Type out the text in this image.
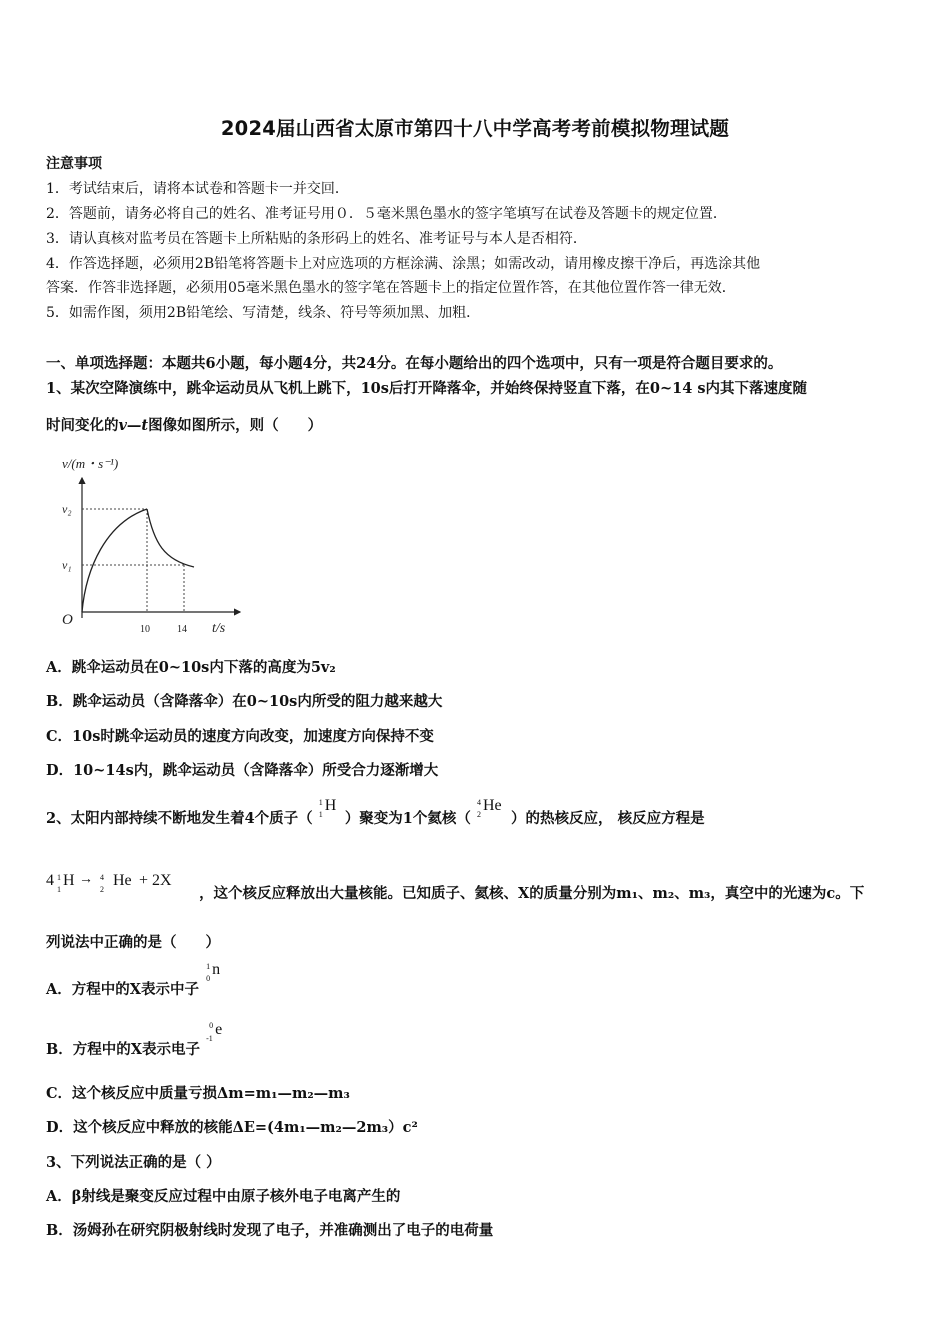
2024届山西省太原市第四十八中学高考考前模拟物理试题
注意事项
1．考试结束后，请将本试卷和答题卡一并交回．
2．答题前，请务必将自己的姓名、准考证号用０．５毫米黑色墨水的签字笔填写在试卷及答题卡的规定位置．
3．请认真核对监考员在答题卡上所粘贴的条形码上的姓名、准考证号与本人是否相符．
4．作答选择题，必须用2B铅笔将答题卡上对应选项的方框涂满、涂黑；如需改动，请用橡皮擦干净后，再选涂其他
答案．作答非选择题，必须用05毫米黑色墨水的签字笔在答题卡上的指定位置作答，在其他位置作答一律无效．
5．如需作图，须用2B铅笔绘、写清楚，线条、符号等须加黑、加粗．
一、单项选择题：本题共6小题，每小题4分，共24分。在每小题给出的四个选项中，只有一项是符合题目要求的。
1、某次空降演练中，跳伞运动员从飞机上跳下，10s后打开降落伞，并始终保持竖直下落，在0~14 s内其下落速度随
时间变化的v—t图像如图所示，则（　　）
v/(m・s⁻¹)
v₂
v₁
O
10	14 t/s
A．跳伞运动员在0~10s内下落的高度为5v₂
B．跳伞运动员（含降落伞）在0~10s内所受的阻力越来越大
C．10s时跳伞运动员的速度方向改变，加速度方向保持不变
D．10~14s内，跳伞运动员（含降落伞）所受合力逐渐增大
2、太阳内部持续不断地发生着4个质子（
1
1
H
）聚变为1个氦核（
4
2
He
）的热核反应， 核反应方程是
4 1
1
H → 4
2
He + 2X
，这个核反应释放出大量核能。已知质子、氦核、X的质量分别为m₁、m₂、m₃，真空中的光速为c。下
列说法中正确的是（　　）
A．方程中的X表示中子
1
0
n
B．方程中的X表示电子
0
-1
e
C．这个核反应中质量亏损Δm=m₁—m₂—m₃
D．这个核反应中释放的核能ΔE=(4m₁—m₂—2m₃）c²
3、下列说法正确的是（ ）
A．β射线是聚变反应过程中由原子核外电子电离产生的
B．汤姆孙在研究阴极射线时发现了电子，并准确测出了电子的电荷量
